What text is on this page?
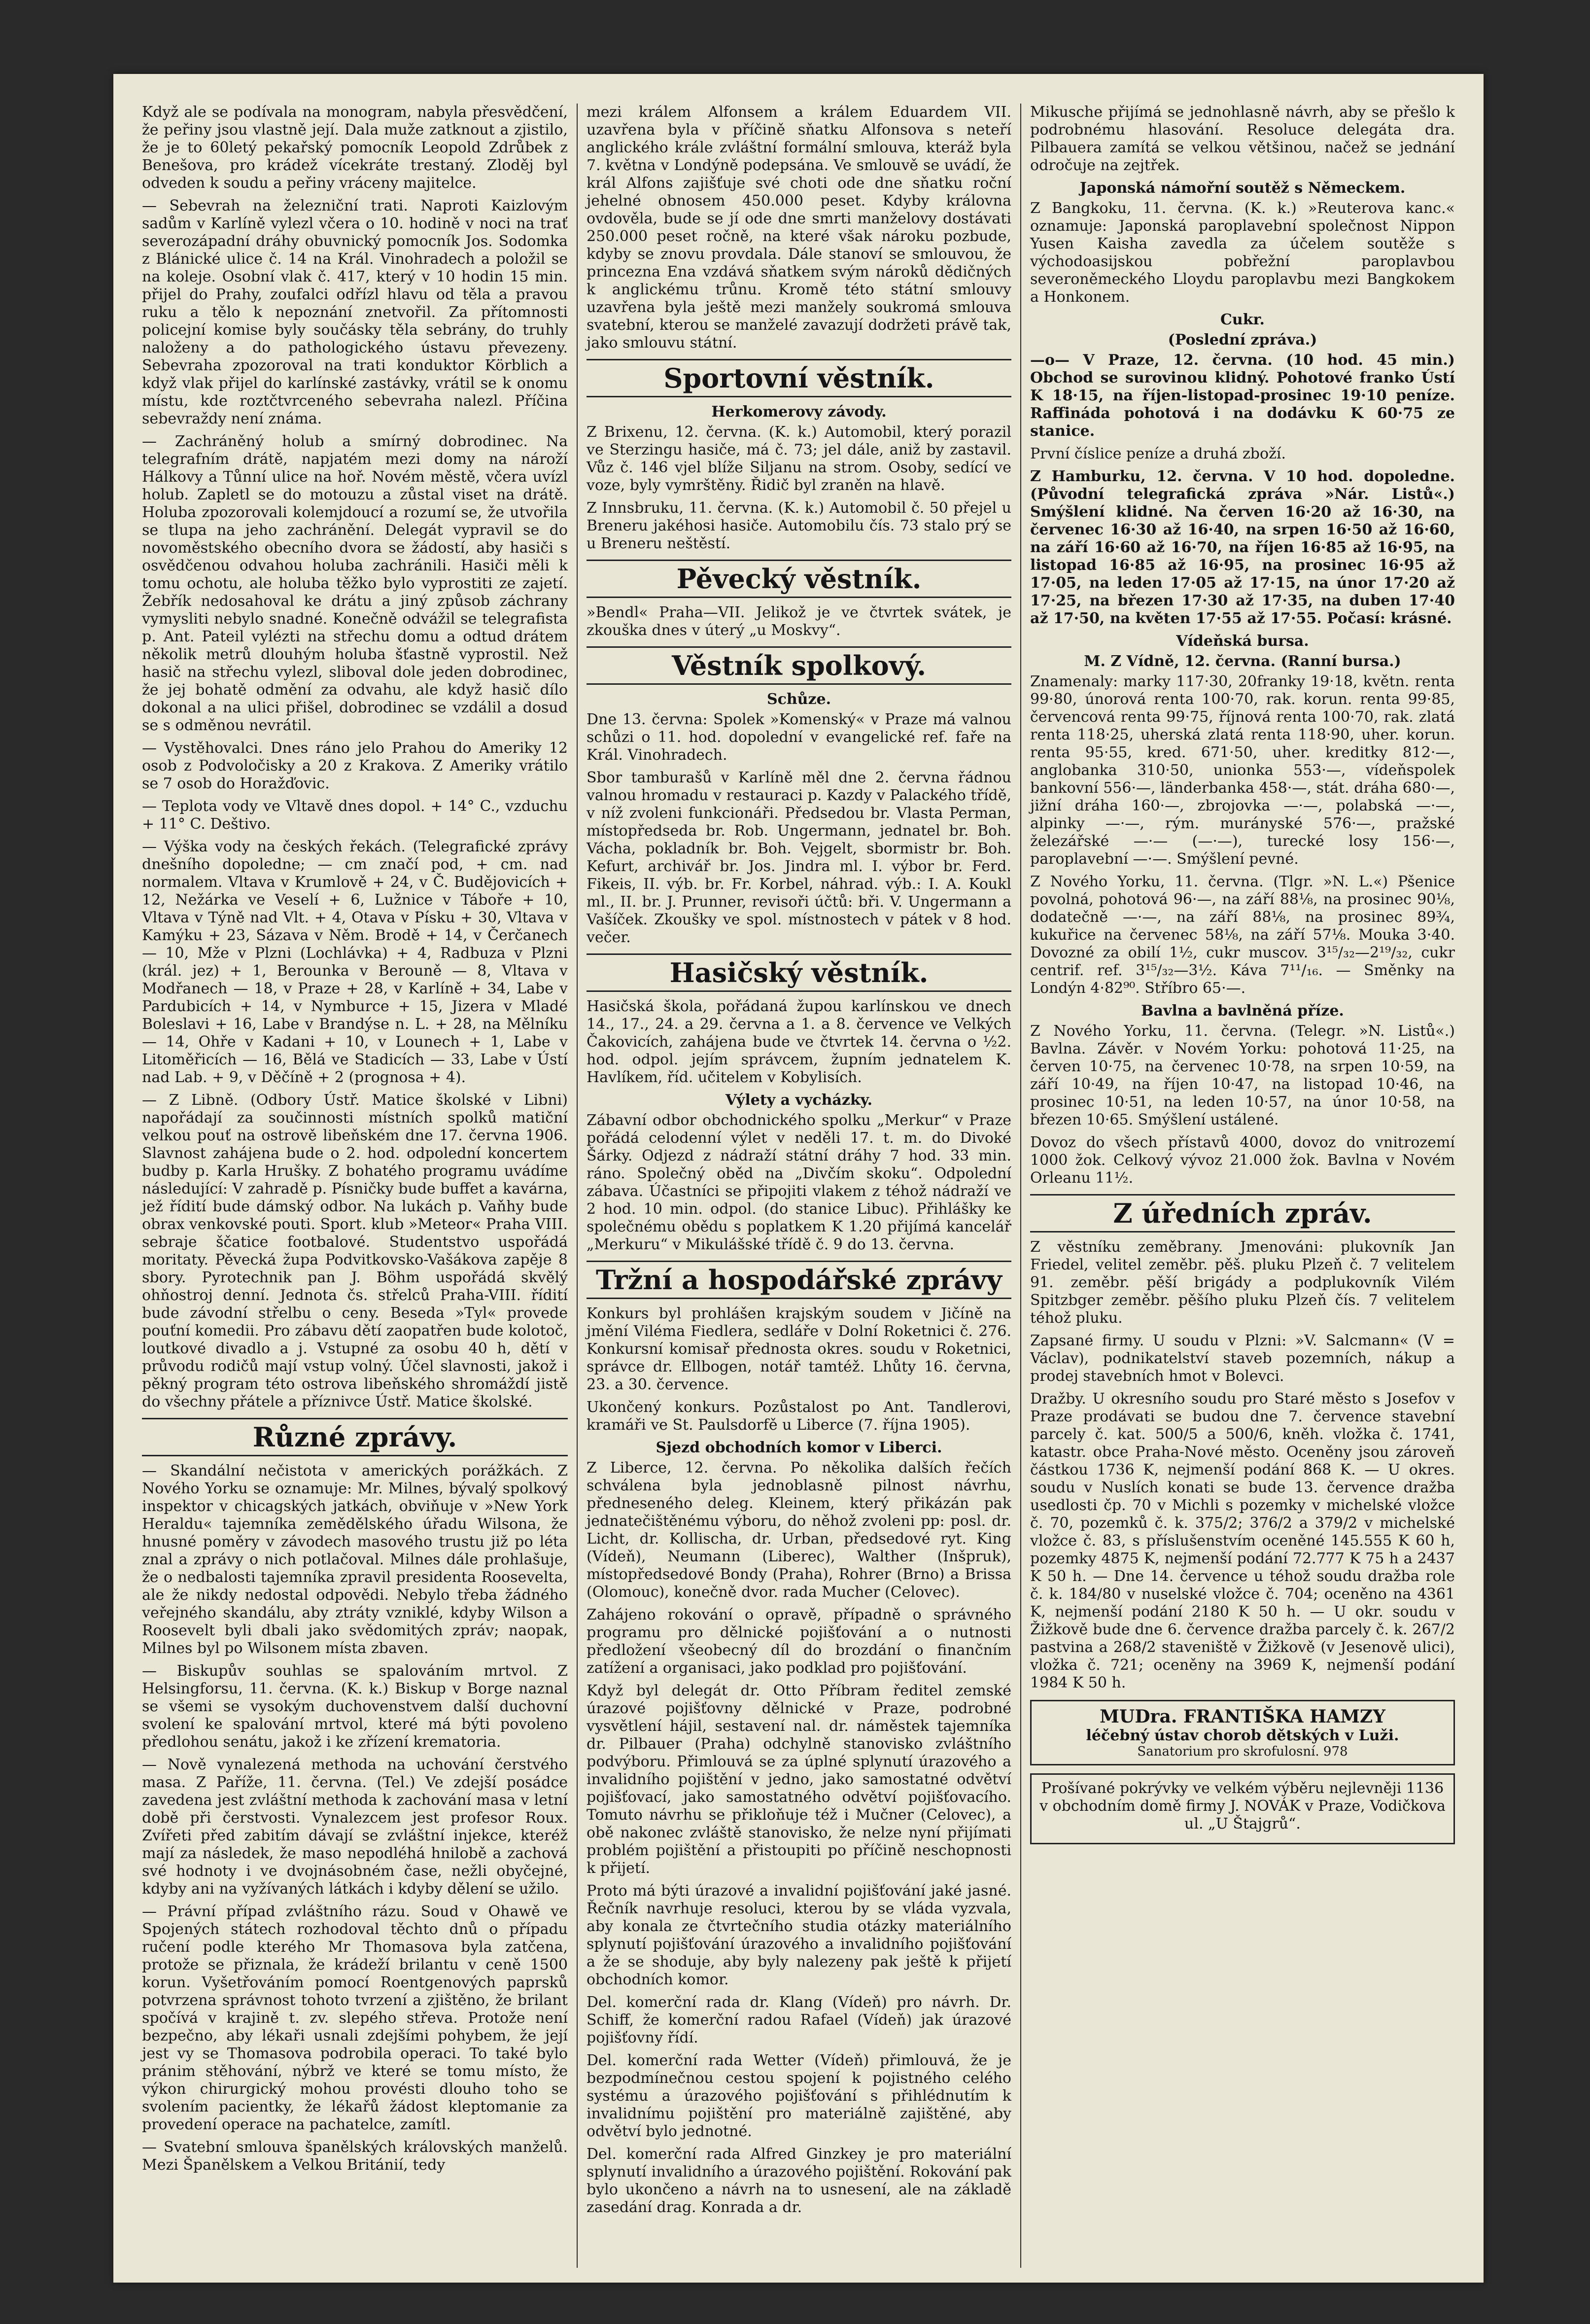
Když ale se podívala na monogram, nabyla přesvědčení, že peřiny jsou vlastně její. Dala muže zatknout a zjistilo, že je to 60letý pekařský pomocník Leopold Zdrůbek z Benešova, pro krádež vícekráte trestaný. Zloděj byl odveden k soudu a peřiny vráceny majitelce.

— Sebevrah na železniční trati. Naproti Kaizlovým sadům v Karlíně vylezl včera o 10. hodině v noci na trať severozápadní dráhy obuvnický pomocník Jos. Sodomka z Blánické ulice č. 14 na Král. Vinohradech a položil se na koleje. Osobní vlak č. 417, který v 10 hodin 15 min. přijel do Prahy, zoufalci odřízl hlavu od těla a pravou ruku a tělo k nepoznání znetvořil. Za přítomnosti policejní komise byly součásky těla sebrány, do truhly naloženy a do pathologického ústavu převezeny. Sebevraha zpozoroval na trati konduktor Körblich a když vlak přijel do karlínské zastávky, vrátil se k onomu místu, kde roztčtvrceného sebevraha nalezl. Příčina sebevraždy není známa.

— Zachráněný holub a smírný dobrodinec. Na telegrafním drátě, napjatém mezi domy na nároží Hálkovy a Tůnní ulice na hoř. Novém městě, včera uvízl holub. Zapletl se do motouzu a zůstal viset na drátě. Holuba zpozorovali kolemjdoucí a rozumí se, že utvořila se tlupa na jeho zachránění. Delegát vypravil se do novoměstského obecního dvora se žádostí, aby hasiči s osvědčenou odvahou holuba zachránili. Hasiči měli k tomu ochotu, ale holuba těžko bylo vyprostiti ze zajetí. Žebřík nedosahoval ke drátu a jiný způsob záchrany vymysliti nebylo snadné. Konečně odvážil se telegrafista p. Ant. Pateil vylézti na střechu domu a odtud drátem několik metrů dlouhým holuba šťastně vyprostil. Než hasič na střechu vylezl, sliboval dole jeden dobrodinec, že jej bohatě odmění za odvahu, ale když hasič dílo dokonal a na ulici přišel, dobrodinec se vzdálil a dosud se s odměnou nevrátil.

— Vystěhovalci. Dnes ráno jelo Prahou do Ameriky 12 osob z Podvoločisky a 20 z Krakova. Z Ameriky vrátilo se 7 osob do Horažďovic.

— Teplota vody ve Vltavě dnes dopol. + 14° C., vzduchu + 11° C. Deštivo.

— Výška vody na českých řekách. (Telegrafické zprávy dnešního dopoledne; — cm značí pod, + cm. nad normalem. Vltava v Krumlově + 24, v Č. Budějovicích + 12, Nežárka ve Veselí + 6, Lužnice v Táboře + 10, Vltava v Týně nad Vlt. + 4, Otava v Písku + 30, Vltava v Kamýku + 23, Sázava v Něm. Brodě + 14, v Čerčanech — 10, Mže v Plzni (Lochlávka) + 4, Radbuza v Plzni (král. jez) + 1, Berounka v Berouně — 8, Vltava v Modřanech — 18, v Praze + 28, v Karlíně + 34, Labe v Pardubicích + 14, v Nymburce + 15, Jizera v Mladé Boleslavi + 16, Labe v Brandýse n. L. + 28, na Mělníku — 14, Ohře v Kadani + 10, v Lounech + 1, Labe v Litoměřicích — 16, Bělá ve Stadicích — 33, Labe v Ústí nad Lab. + 9, v Děčíně + 2 (prognosa + 4).

— Z Libně. (Odbory Ústř. Matice školské v Libni) napořádají za součinnosti místních spolků matiční velkou pouť na ostrově libeňském dne 17. června 1906. Slavnost zahájena bude o 2. hod. odpolední koncertem budby p. Karla Hrušky. Z bohatého programu uvádíme následující: V zahradě p. Písničky bude buffet a kavárna, jež řídití bude dámský odbor. Na lukách p. Vaňhy bude obrax venkovské pouti. Sport. klub »Meteor« Praha VIII. sebraje ščatice footbalové. Studentstvo uspořádá moritaty. Pěvecká župa Podvitkovsko-Vašákova zapěje 8 sbory. Pyrotechnik pan J. Böhm uspořádá skvělý ohňostroj denní. Jednota čs. střelců Praha-VIII. řídití bude závodní střelbu o ceny. Beseda »Tyl« provede pouťní komedii. Pro zábavu dětí zaopatřen bude kolotoč, loutkové divadlo a j. Vstupné za osobu 40 h, dětí v průvodu rodičů mají vstup volný. Účel slavnosti, jakož i pěkný program této ostrova libeňského shromáždí jistě do všechny přátele a příznivce Ústř. Matice školské.

Různé zprávy.

— Skandální nečistota v amerických porážkách. Z Nového Yorku se oznamuje: Mr. Milnes, bývalý spolkový inspektor v chicagských jatkách, obviňuje v »New York Heraldu« tajemníka zemědělského úřadu Wilsona, že hnusné poměry v závodech masového trustu již po léta znal a zprávy o nich potlačoval. Milnes dále prohlašuje, že o nedbalosti tajemníka zpravil presidenta Roosevelta, ale že nikdy nedostal odpovědi. Nebylo třeba žádného veřejného skandálu, aby ztráty vzniklé, kdyby Wilson a Roosevelt byli dbali jako svědomitých zpráv; naopak, Milnes byl po Wilsonem místa zbaven.

— Biskupův souhlas se spalováním mrtvol. Z Helsingforsu, 11. června. (K. k.) Biskup v Borge naznal se všemi se vysokým duchovenstvem další duchovní svolení ke spalování mrtvol, které má býti povoleno předlohou senátu, jakož i ke zřízení krematoria.

— Nově vynalezená methoda na uchování čerstvého masa. Z Paříže, 11. června. (Tel.) Ve zdejší posádce zavedena jest zvláštní methoda k zachování masa v letní době při čerstvosti. Vynalezcem jest profesor Roux. Zvířeti před zabitím dávají se zvláštní injekce, kteréž mají za následek, že maso nepodléhá hnilobě a zachová své hodnoty i ve dvojnásobném čase, nežli obyčejné, kdyby ani na vyžívaných látkách i kdyby dělení se užilo.

— Právní případ zvláštního rázu. Soud v Ohawě ve Spojených státech rozhodoval těchto dnů o případu ručení podle kterého Mr Thomasova byla zatčena, protože se přiznala, že krádeží brilantu v ceně 1500 korun. Vyšetřováním pomocí Roentgenových paprsků potvrzena správnost tohoto tvrzení a zjištěno, že brilant spočívá v krajině t. zv. slepého střeva. Protože není bezpečno, aby lékaři usnali zdejšími pohybem, že její jest vy se Thomasova podrobila operaci. To také bylo pránim stěhování, nýbrž ve které se tomu místo, že výkon chirurgický mohou provésti dlouho toho se svolením pacientky, že lékařů žádost kleptomanie za provedení operace na pachatelce, zamítl.

— Svatební smlouva španělských královských manželů. Mezi Španělskem a Velkou Británií, tedy

mezi králem Alfonsem a králem Eduardem VII. uzavřena byla v příčině sňatku Alfonsova s neteří anglického krále zvláštní formální smlouva, kteráž byla 7. května v Londýně podepsána. Ve smlouvě se uvádí, že král Alfons zajišťuje své choti ode dne sňatku roční jehelné obnosem 450.000 peset. Kdyby královna ovdověla, bude se jí ode dne smrti manželovy dostávati 250.000 peset ročně, na které však nároku pozbude, kdyby se znovu provdala. Dále stanoví se smlouvou, že princezna Ena vzdává sňatkem svým nároků dědičných k anglickému trůnu. Kromě této státní smlouvy uzavřena byla ještě mezi manžely soukromá smlouva svatební, kterou se manželé zavazují dodržeti právě tak, jako smlouvu státní.

Sportovní věstník.
Herkomerovy závody.

Z Brixenu, 12. června. (K. k.) Automobil, který porazil ve Sterzingu hasiče, má č. 73; jel dále, aniž by zastavil. Vůz č. 146 vjel blíže Siljanu na strom. Osoby, sedící ve voze, byly vymrštěny. Řidič byl zraněn na hlavě.

Z Innsbruku, 11. června. (K. k.) Automobil č. 50 přejel u Breneru jakéhosi hasiče. Automobilu čís. 73 stalo prý se u Breneru neštěstí.

Pěvecký věstník.

»Bendl« Praha—VII. Jelikož je ve čtvrtek svátek, je zkouška dnes v úterý „u Moskvy“.

Věstník spolkový.
Schůze.

Dne 13. června: Spolek »Komenský« v Praze má valnou schůzi o 11. hod. dopolední v evangelické ref. faře na Král. Vinohradech.

Sbor tamburašů v Karlíně měl dne 2. června řádnou valnou hromadu v restauraci p. Kazdy v Palackého třídě, v níž zvoleni funkcionáři. Předsedou br. Vlasta Perman, místopředseda br. Rob. Ungermann, jednatel br. Boh. Vácha, pokladník br. Boh. Vejgelt, sbormistr br. Boh. Kefurt, archivář br. Jos. Jindra ml. I. výbor br. Ferd. Fikeis, II. výb. br. Fr. Korbel, náhrad. výb.: I. A. Koukl ml., II. br. J. Prunner, revisoři účtů: bři. V. Ungermann a Vašíček. Zkoušky ve spol. místnostech v pátek v 8 hod. večer.

Hasičský věstník.

Hasičská škola, pořádaná župou karlínskou ve dnech 14., 17., 24. a 29. června a 1. a 8. července ve Velkých Čakovicích, zahájena bude ve čtvrtek 14. června o ½2. hod. odpol. jejím správcem, župním jednatelem K. Havlíkem, říd. učitelem v Kobylisích.

Výlety a vycházky.

Zábavní odbor obchodnického spolku „Merkur“ v Praze pořádá celodenní výlet v neděli 17. t. m. do Divoké Šárky. Odjezd z nádraží státní dráhy 7 hod. 33 min. ráno. Společný oběd na „Divčím skoku“. Odpolední zábava. Účastníci se připojiti vlakem z téhož nádraží ve 2 hod. 10 min. odpol. (do stanice Libuc). Přihlášky ke společnému obědu s poplatkem K 1.20 přijímá kancelář „Merkuru“ v Mikulášské třídě č. 9 do 13. června.

Tržní a hospodářské zprávy

Konkurs byl prohlášen krajským soudem v Jičíně na jmění Viléma Fiedlera, sedláře v Dolní Roketnici č. 276. Konkursní komisař přednosta okres. soudu v Roketnici, správce dr. Ellbogen, notář tamtéž. Lhůty 16. června, 23. a 30. července.

Ukončený konkurs. Pozůstalost po Ant. Tandlerovi, kramáři ve St. Paulsdorfě u Liberce (7. října 1905).

Sjezd obchodních komor v Liberci.

Z Liberce, 12. června. Po několika dalších řečích schválena byla jednoblasně pilnost návrhu, předneseného deleg. Kleinem, který přikázán pak jednatečištěnému výboru, do něhož zvoleni pp: posl. dr. Licht, dr. Kollischa, dr. Urban, předsedové ryt. King (Vídeň), Neumann (Liberec), Walther (Inšpruk), místopředsedové Bondy (Praha), Rohrer (Brno) a Brissa (Olomouc), konečně dvor. rada Mucher (Celovec).

Zahájeno rokování o opravě, případně o správného programu pro dělnické pojišťování a o nutnosti předložení všeobecný díl do brozdání o finančním zatížení a organisaci, jako podklad pro pojišťování.

Když byl delegát dr. Otto Příbram ředitel zemské úrazové pojišťovny dělnické v Praze, podrobné vysvětlení hájil, sestavení nal. dr. náměstek tajemníka dr. Pilbauer (Praha) odchylně stanovisko zvláštního podvýboru. Přimlouvá se za úplné splynutí úrazového a invalidního pojištění v jedno, jako samostatné odvětví pojišťovací, jako samostatného odvětví pojišťovacího. Tomuto návrhu se přikloňuje též i Mučner (Celovec), a obě nakonec zvláště stanovisko, že nelze nyní přijímati problém pojištění a přistoupiti po příčině neschopnosti k přijetí.

Proto má býti úrazové a invalidní pojišťování jaké jasné. Řečník navrhuje resoluci, kterou by se vláda vyzvala, aby konala ze čtvrtečního studia otázky materiálního splynutí pojišťování úrazového a invalidního pojišťování a že se shoduje, aby byly nalezeny pak ještě k přijetí obchodních komor.

Del. komerční rada dr. Klang (Vídeň) pro návrh. Dr. Schiff, že komerční radou Rafael (Vídeň) jak úrazové pojišťovny řídí.

Del. komerční rada Wetter (Vídeň) přimlouvá, že je bezpodmínečnou cestou spojení k pojistného celého systému a úrazového pojišťování s přihlédnutím k invalidnímu pojištění pro materiálně zajištěné, aby odvětví bylo jednotné.

Del. komerční rada Alfred Ginzkey je pro materiální splynutí invalidního a úrazového pojištění. Rokování pak bylo ukončeno a návrh na to usnesení, ale na základě zasedání drag. Konrada a dr.

Mikusche přijímá se jednohlasně návrh, aby se přešlo k podrobnému hlasování. Resoluce delegáta dra. Pilbauera zamítá se velkou většinou, načež se jednání odročuje na zejtřek.

Japonská námořní soutěž s Německem.

Z Bangkoku, 11. června. (K. k.) »Reuterova kanc.« oznamuje: Japonská paroplavební společnost Nippon Yusen Kaisha zavedla za účelem soutěže s východoasijskou pobřežní paroplavbou severoněmeckého Lloydu paroplavbu mezi Bangkokem a Honkonem.

Cukr.
(Poslední zpráva.)

—o— V Praze, 12. června. (10 hod. 45 min.) Obchod se surovinou klidný. Pohotové franko Ústí K 18·15, na říjen-listopad-prosinec 19·10 peníze. Raffináda pohotová i na dodávku K 60·75 ze stanice.

První číslice peníze a druhá zboží.

Z Hamburku, 12. června. V 10 hod. dopoledne. (Původní telegrafická zpráva »Nár. Listů«.) Smýšlení klidné. Na červen 16·20 až 16·30, na červenec 16·30 až 16·40, na srpen 16·50 až 16·60, na září 16·60 až 16·70, na říjen 16·85 až 16·95, na listopad 16·85 až 16·95, na prosinec 16·95 až 17·05, na leden 17·05 až 17·15, na únor 17·20 až 17·25, na březen 17·30 až 17·35, na duben 17·40 až 17·50, na květen 17·55 až 17·55. Počasí: krásné.

Vídeňská bursa.
M. Z Vídně, 12. června. (Ranní bursa.)

Znamenaly: marky 117·30, 20franky 19·18, květn. renta 99·80, únorová renta 100·70, rak. korun. renta 99·85, červencová renta 99·75, říjnová renta 100·70, rak. zlatá renta 118·25, uherská zlatá renta 118·90, uher. korun. renta 95·55, kred. 671·50, uher. kreditky 812·—, anglobanka 310·50, unionka 553·—, vídeňspolek bankovní 556·—, länderbanka 458·—, stát. dráha 680·—, jižní dráha 160·—, zbrojovka —·—, polabská —·—, alpinky —·—, rým. murányské 576·—, pražské železářské —·— (—·—), turecké losy 156·—, paroplavební —·—. Smýšlení pevné.

Z Nového Yorku, 11. června. (Tlgr. »N. L.«) Pšenice povolná, pohotová 96·—, na září 88⅛, na prosinec 90⅛, dodatečně —·—, na září 88⅛, na prosinec 89¾, kukuřice na červenec 58⅛, na září 57⅛. Mouka 3·40. Dovozné za obilí 1½, cukr muscov. 3¹⁵/₃₂—2¹⁹/₃₂, cukr centrif. ref. 3¹⁵/₃₂—3½. Káva 7¹¹/₁₆. — Směnky na Londýn 4·82⁹⁰. Stříbro 65·—.

Bavlna a bavlněná příze.

Z Nového Yorku, 11. června. (Telegr. »N. Listů«.) Bavlna. Závěr. v Novém Yorku: pohotová 11·25, na červen 10·75, na červenec 10·78, na srpen 10·59, na září 10·49, na říjen 10·47, na listopad 10·46, na prosinec 10·51, na leden 10·57, na únor 10·58, na březen 10·65. Smýšlení ustálené.

Dovoz do všech přístavů 4000, dovoz do vnitrozemí 1000 žok. Celkový vývoz 21.000 žok. Bavlna v Novém Orleanu 11½.

Z úředních zpráv.

Z věstníku zeměbrany. Jmenováni: plukovník Jan Friedel, velitel zeměbr. pěš. pluku Plzeň č. 7 velitelem 91. zeměbr. pěší brigády a podplukovník Vilém Spitzbger zeměbr. pěšího pluku Plzeň čís. 7 velitelem téhož pluku.

Zapsané firmy. U soudu v Plzni: »V. Salcmann« (V = Václav), podnikatelství staveb pozemních, nákup a prodej stavebních hmot v Bolevci.

Dražby. U okresního soudu pro Staré město s Josefov v Praze prodávati se budou dne 7. července stavební parcely č. kat. 500/5 a 500/6, kněh. vložka č. 1741, katastr. obce Praha-Nové město. Oceněny jsou zároveň částkou 1736 K, nejmenší podání 868 K. — U okres. soudu v Nuslích konati se bude 13. července dražba usedlosti čp. 70 v Michli s pozemky v michelské vložce č. 70, pozemků č. k. 375/2; 376/2 a 379/2 v michelské vložce č. 83, s příslušenstvím oceněné 145.555 K 60 h, pozemky 4875 K, nejmenší podání 72.777 K 75 h a 2437 K 50 h. — Dne 14. července u téhož soudu dražba role č. k. 184/80 v nuselské vložce č. 704; oceněno na 4361 K, nejmenší podání 2180 K 50 h. — U okr. soudu v Žižkově bude dne 6. července dražba parcely č. k. 267/2 pastvina a 268/2 staveniště v Žižkově (v Jesenově ulici), vložka č. 721; oceněny na 3969 K, nejmenší podání 1984 K 50 h.

MUDra. FRANTIŠKA HAMZY
léčebný ústav chorob dětských v Luži.
Sanatorium pro skrofulosní. 978

Prošívané pokrývky ve velkém výběru nejlevněji 1136 v obchodním domě firmy J. NOVÁK v Praze, Vodičkova ul. „U Štajgrů“.
